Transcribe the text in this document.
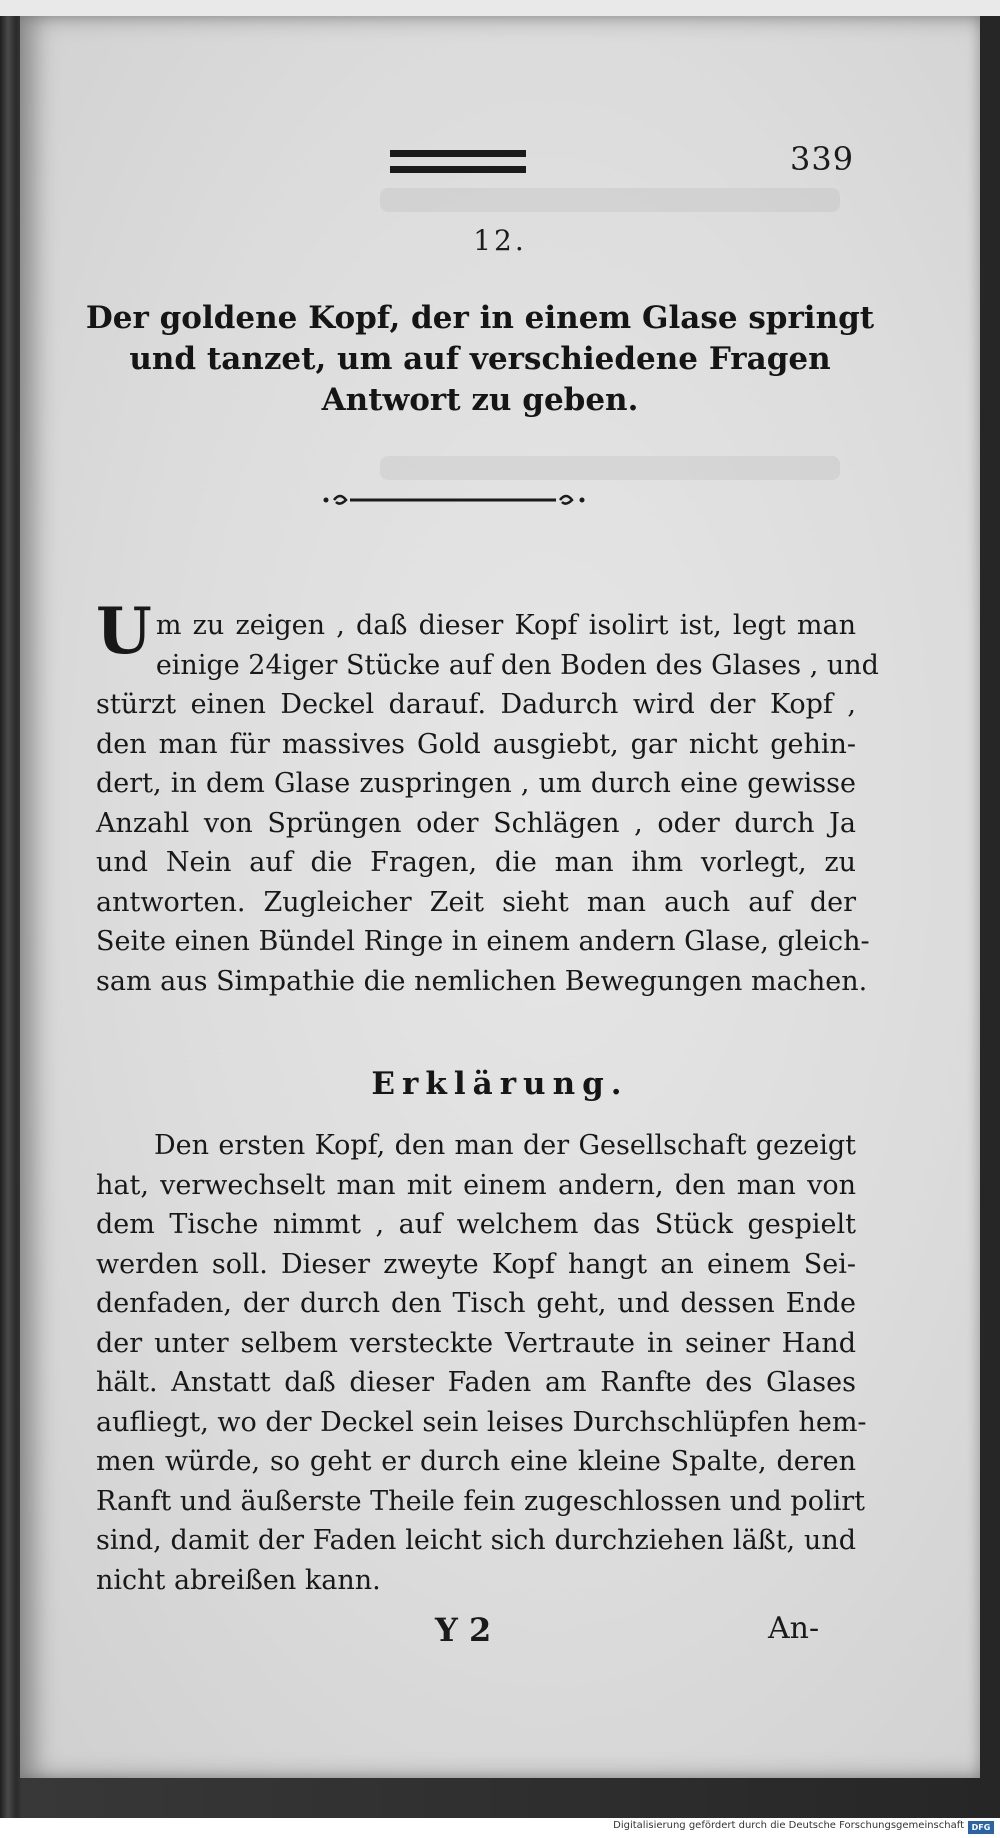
339
12.
Der goldene Kopf, der in einem Glase springt und tanzet, um auf verschiedene Fragen Antwort zu geben.
U m zu zeigen , daß dieser Kopf isolirt ist, legt man
einige 24iger Stücke auf den Boden des Glases , und
stürzt einen Deckel darauf. Dadurch wird der Kopf ,
den man für massives Gold ausgiebt, gar nicht gehin-
dert, in dem Glase zuspringen , um durch eine gewisse
Anzahl von Sprüngen oder Schlägen , oder durch Ja
und Nein auf die Fragen, die man ihm vorlegt, zu
antworten. Zugleicher Zeit sieht man auch auf der
Seite einen Bündel Ringe in einem andern Glase, gleich-
sam aus Simpathie die nemlichen Bewegungen machen.
Erklärung.
Den ersten Kopf, den man der Gesellschaft gezeigt
hat, verwechselt man mit einem andern, den man von
dem Tische nimmt , auf welchem das Stück gespielt
werden soll. Dieser zweyte Kopf hangt an einem Sei-
denfaden, der durch den Tisch geht, und dessen Ende
der unter selbem versteckte Vertraute in seiner Hand
hält. Anstatt daß dieser Faden am Ranfte des Glases
aufliegt, wo der Deckel sein leises Durchschlüpfen hem-
men würde, so geht er durch eine kleine Spalte, deren
Ranft und äußerste Theile fein zugeschlossen und polirt
sind, damit der Faden leicht sich durchziehen läßt, und
nicht abreißen kann.
Y 2	An-
Digitalisierung gefördert durch die Deutsche Forschungsgemeinschaft DFG
